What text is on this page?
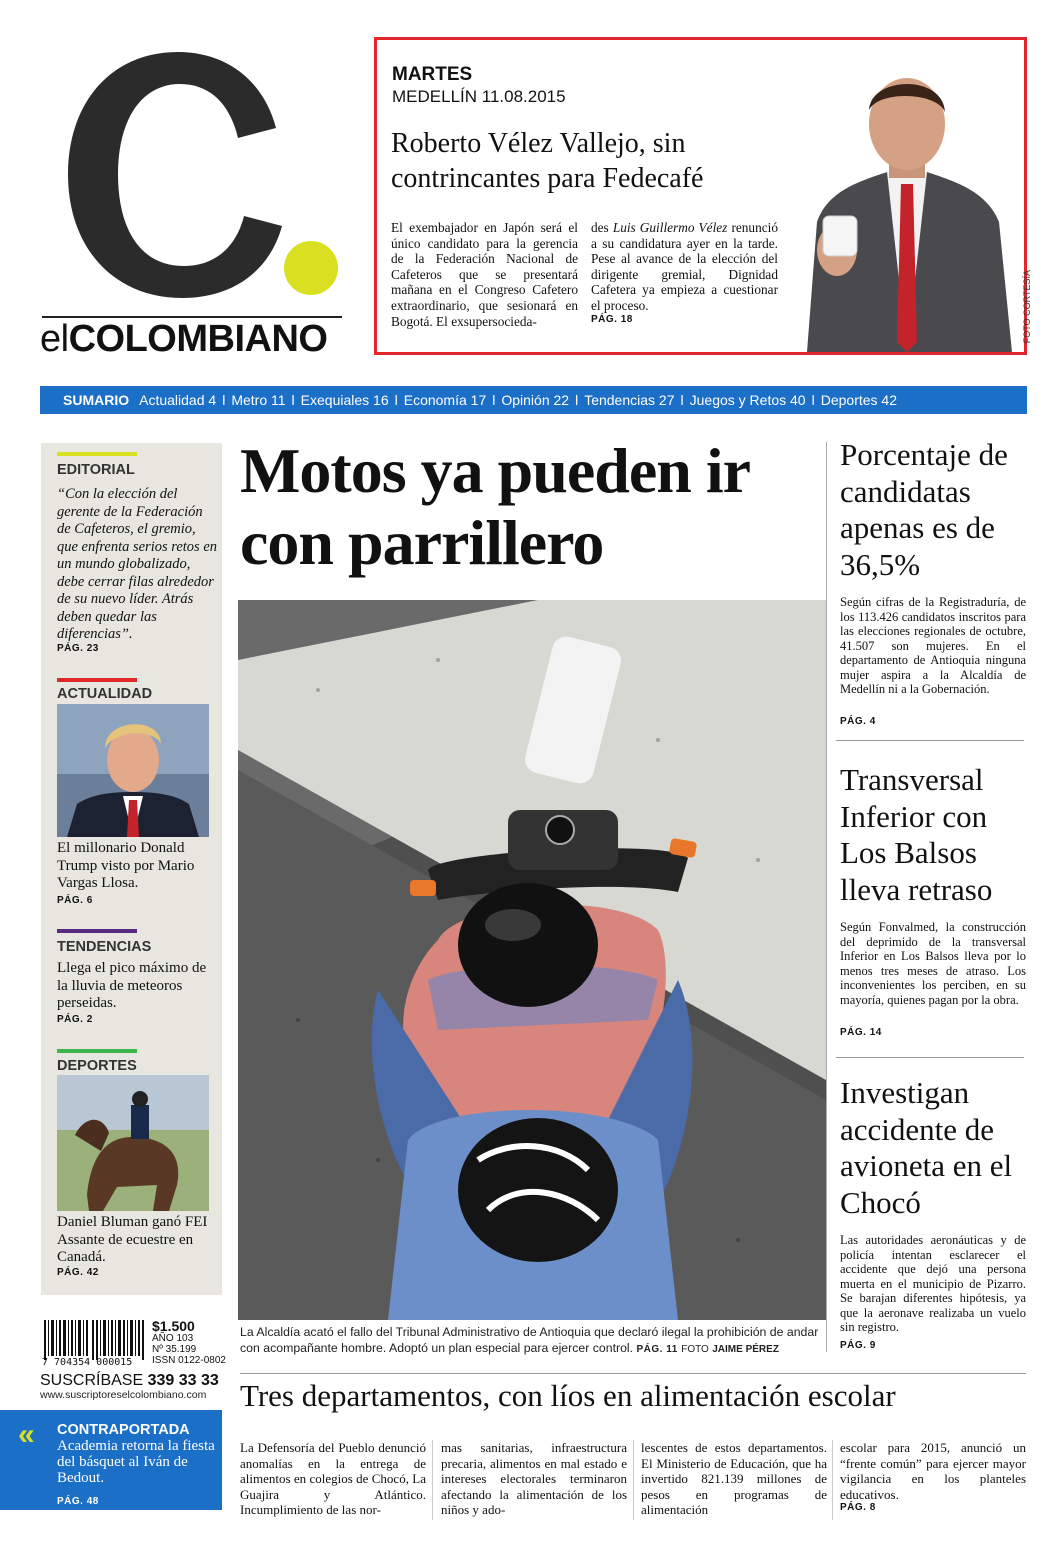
elCOLOMBIANO
MARTES
MEDELLÍN 11.08.2015
Roberto Vélez Vallejo, sin contrincantes para Fedecafé
El exembajador en Japón será el único candidato para la gerencia de la Federación Nacional de Cafeteros que se presentará mañana en el Congreso Cafetero extraordinario, que sesionará en Bogotá. El exsupersocieda-
des Luis Guillermo Vélez renunció a su candidatura ayer en la tarde. Pese al avance de la elección del dirigente gremial, Dignidad Cafetera ya empieza a cuestionar el proceso.
PÁG. 18	FOTO CORTESÍA
SUMARIO Actualidad 4 l Metro 11 l Exequiales 16 l Economía 17 l Opinión 22 l Tendencias 27 l Juegos y Retos 40 l Deportes 42
EDITORIAL
“Con la elección del gerente de la Federación de Cafeteros, el gremio, que enfrenta serios retos en un mundo globalizado, debe cerrar filas alrededor de su nuevo líder. Atrás deben quedar las diferencias”.
PÁG. 23
ACTUALIDAD
El millonario Donald Trump visto por Mario Vargas Llosa.
PÁG. 6
TENDENCIAS
Llega el pico máximo de la lluvia de meteoros perseidas.
PÁG. 2
DEPORTES
Daniel Bluman ganó FEI Assante de ecuestre en Canadá.
PÁG. 42
7 704354 000015
$1.500
AÑO 103
Nº 35.199
ISSN 0122-0802
SUSCRÍBASE 339 33 33
www.suscriptoreselcolombiano.com
« CONTRAPORTADA
Academia retorna la fiesta del básquet al Iván de Bedout.
PÁG. 48
Motos ya pueden ir con parrillero
La Alcaldía acató el fallo del Tribunal Administrativo de Antioquia que declaró ilegal la prohibición de andar con acompañante hombre. Adoptó un plan especial para ejercer control. PÁG. 11 FOTO JAIME PÉREZ
Porcentaje de candidatas apenas es de 36,5%
Según cifras de la Registraduría, de los 113.426 candidatos inscritos para las elecciones regionales de octubre, 41.507 son mujeres. En el departamento de Antioquia ninguna mujer aspira a la Alcaldía de Medellín ni a la Gobernación.
PÁG. 4
Transversal Inferior con Los Balsos lleva retraso
Según Fonvalmed, la construcción del deprimido de la transversal Inferior en Los Balsos lleva por lo menos tres meses de atraso. Los inconvenientes los perciben, en su mayoría, quienes pagan por la obra.
PÁG. 14
Investigan accidente de avioneta en el Chocó
Las autoridades aeronáuticas y de policía intentan esclarecer el accidente que dejó una persona muerta en el municipio de Pizarro. Se barajan diferentes hipótesis, ya que la aeronave realizaba un vuelo sin registro.
PÁG. 9
Tres departamentos, con líos en alimentación escolar
La Defensoría del Pueblo denunció anomalías en la entrega de alimentos en colegios de Chocó, La Guajira y Atlántico. Incumplimiento de las nor-
mas sanitarias, infraestructura precaria, alimentos en mal estado e intereses electorales terminaron afectando la alimentación de los niños y ado-
lescentes de estos departamentos. El Ministerio de Educación, que ha invertido 821.139 millones de pesos en programas de alimentación
escolar para 2015, anunció un “frente común” para ejercer mayor vigilancia en los planteles educativos.
PÁG. 8
